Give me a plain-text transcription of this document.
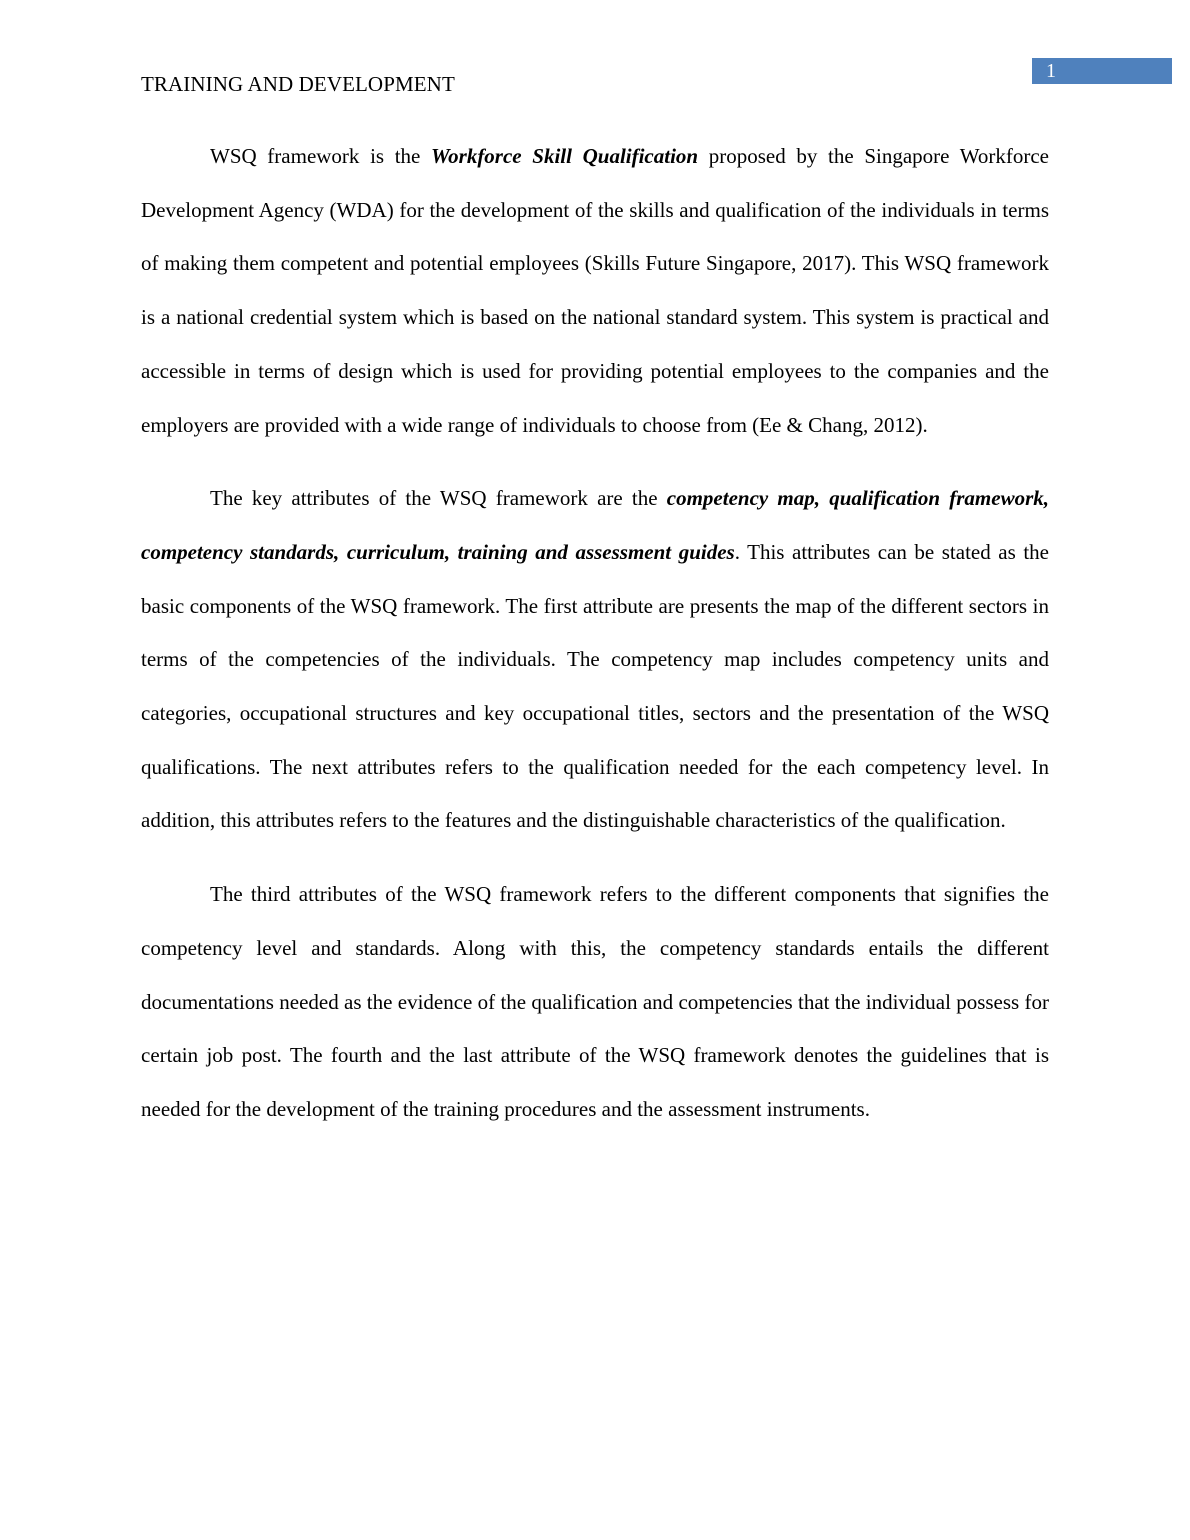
1
TRAINING AND DEVELOPMENT

WSQ framework is the Workforce Skill Qualification proposed by the Singapore Workforce Development Agency (WDA) for the development of the skills and qualification of the individuals in terms of making them competent and potential employees (Skills Future Singapore, 2017). This WSQ framework is a national credential system which is based on the national standard system. This system is practical and accessible in terms of design which is used for providing potential employees to the companies and the employers are provided with a wide range of individuals to choose from (Ee & Chang, 2012).

The key attributes of the WSQ framework are the competency map, qualification framework, competency standards, curriculum, training and assessment guides. This attributes can be stated as the basic components of the WSQ framework. The first attribute are presents the map of the different sectors in terms of the competencies of the individuals. The competency map includes competency units and categories, occupational structures and key occupational titles, sectors and the presentation of the WSQ qualifications. The next attributes refers to the qualification needed for the each competency level. In addition, this attributes refers to the features and the distinguishable characteristics of the qualification.

The third attributes of the WSQ framework refers to the different components that signifies the competency level and standards. Along with this, the competency standards entails the different documentations needed as the evidence of the qualification and competencies that the individual possess for certain job post. The fourth and the last attribute of the WSQ framework denotes the guidelines that is needed for the development of the training procedures and the assessment instruments.
